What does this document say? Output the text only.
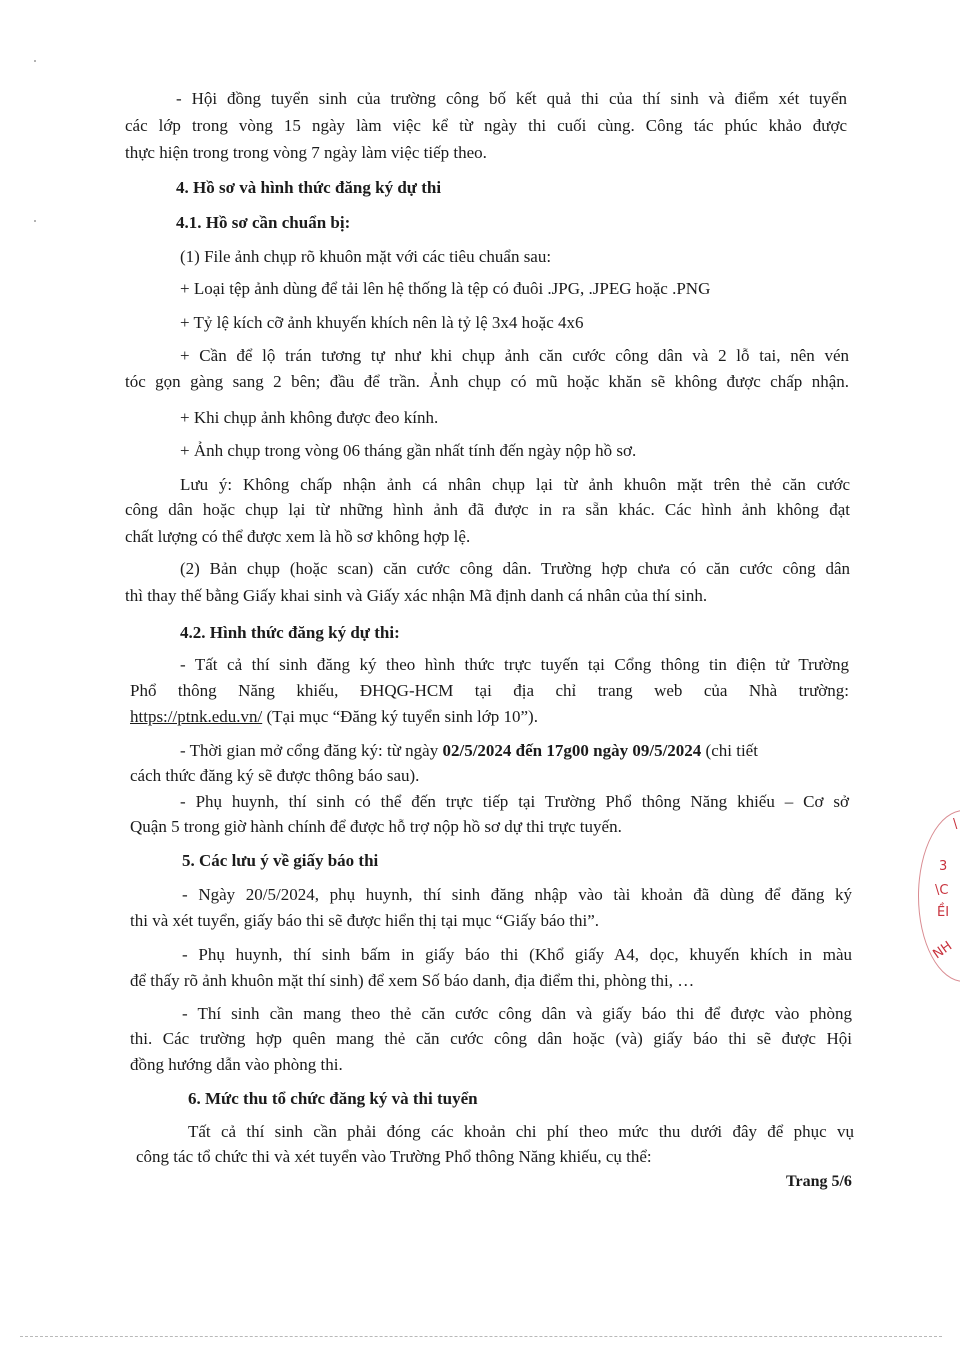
- Hội đồng tuyển sinh của trường công bố kết quả thi của thí sinh và điểm xét tuyển
các lớp trong vòng 15 ngày làm việc kể từ ngày thi cuối cùng. Công tác phúc khảo được
thực hiện trong trong vòng 7 ngày làm việc tiếp theo.
4. Hồ sơ và hình thức đăng ký dự thi
4.1. Hồ sơ cần chuẩn bị:
(1) File ảnh chụp rõ khuôn mặt với các tiêu chuẩn sau:
+ Loại tệp ảnh dùng để tải lên hệ thống là tệp có đuôi .JPG, .JPEG hoặc .PNG
+ Tỷ lệ kích cỡ ảnh khuyến khích nên là tỷ lệ 3x4 hoặc 4x6
+ Cần để lộ trán tương tự như khi chụp ảnh căn cước công dân và 2 lỗ tai, nên vén
tóc gọn gàng sang 2 bên; đầu để trần. Ảnh chụp có mũ hoặc khăn sẽ không được chấp nhận.
+ Khi chụp ảnh không được đeo kính.
+ Ảnh chụp trong vòng 06 tháng gần nhất tính đến ngày nộp hồ sơ.
Lưu ý: Không chấp nhận ảnh cá nhân chụp lại từ ảnh khuôn mặt trên thẻ căn cước
công dân hoặc chụp lại từ những hình ảnh đã được in ra sẵn khác. Các hình ảnh không đạt
chất lượng có thể được xem là hồ sơ không hợp lệ.
(2) Bản chụp (hoặc scan) căn cước công dân. Trường hợp chưa có căn cước công dân
thì thay thế bằng Giấy khai sinh và Giấy xác nhận Mã định danh cá nhân của thí sinh.
4.2. Hình thức đăng ký dự thi:
- Tất cả thí sinh đăng ký theo hình thức trực tuyến tại Cổng thông tin điện tử Trường
Phổ thông Năng khiếu, ĐHQG-HCM tại địa chỉ trang web của Nhà trường:
https://ptnk.edu.vn/ (Tại mục “Đăng ký tuyển sinh lớp 10”).
- Thời gian mở cổng đăng ký: từ ngày 02/5/2024 đến 17g00 ngày 09/5/2024 (chi tiết
cách thức đăng ký sẽ được thông báo sau).
- Phụ huynh, thí sinh có thể đến trực tiếp tại Trường Phổ thông Năng khiếu – Cơ sở
Quận 5 trong giờ hành chính để được hỗ trợ nộp hồ sơ dự thi trực tuyến.
5. Các lưu ý về giấy báo thi
- Ngày 20/5/2024, phụ huynh, thí sinh đăng nhập vào tài khoản đã dùng để đăng ký
thi và xét tuyển, giấy báo thi sẽ được hiển thị tại mục “Giấy báo thi”.
- Phụ huynh, thí sinh bấm in giấy báo thi (Khổ giấy A4, dọc, khuyến khích in màu
để thấy rõ ảnh khuôn mặt thí sinh) để xem Số báo danh, địa điểm thi, phòng thi, …
- Thí sinh cần mang theo thẻ căn cước công dân và giấy báo thi để được vào phòng
thi. Các trường hợp quên mang thẻ căn cước công dân hoặc (và) giấy báo thi sẽ được Hội
đồng hướng dẫn vào phòng thi.
6. Mức thu tổ chức đăng ký và thi tuyển
Tất cả thí sinh cần phải đóng các khoản chi phí theo mức thu dưới đây để phục vụ
công tác tổ chức thi và xét tuyển vào Trường Phổ thông Năng khiếu, cụ thể:
Trang 5/6
\
3
\C
ỀI
NH
